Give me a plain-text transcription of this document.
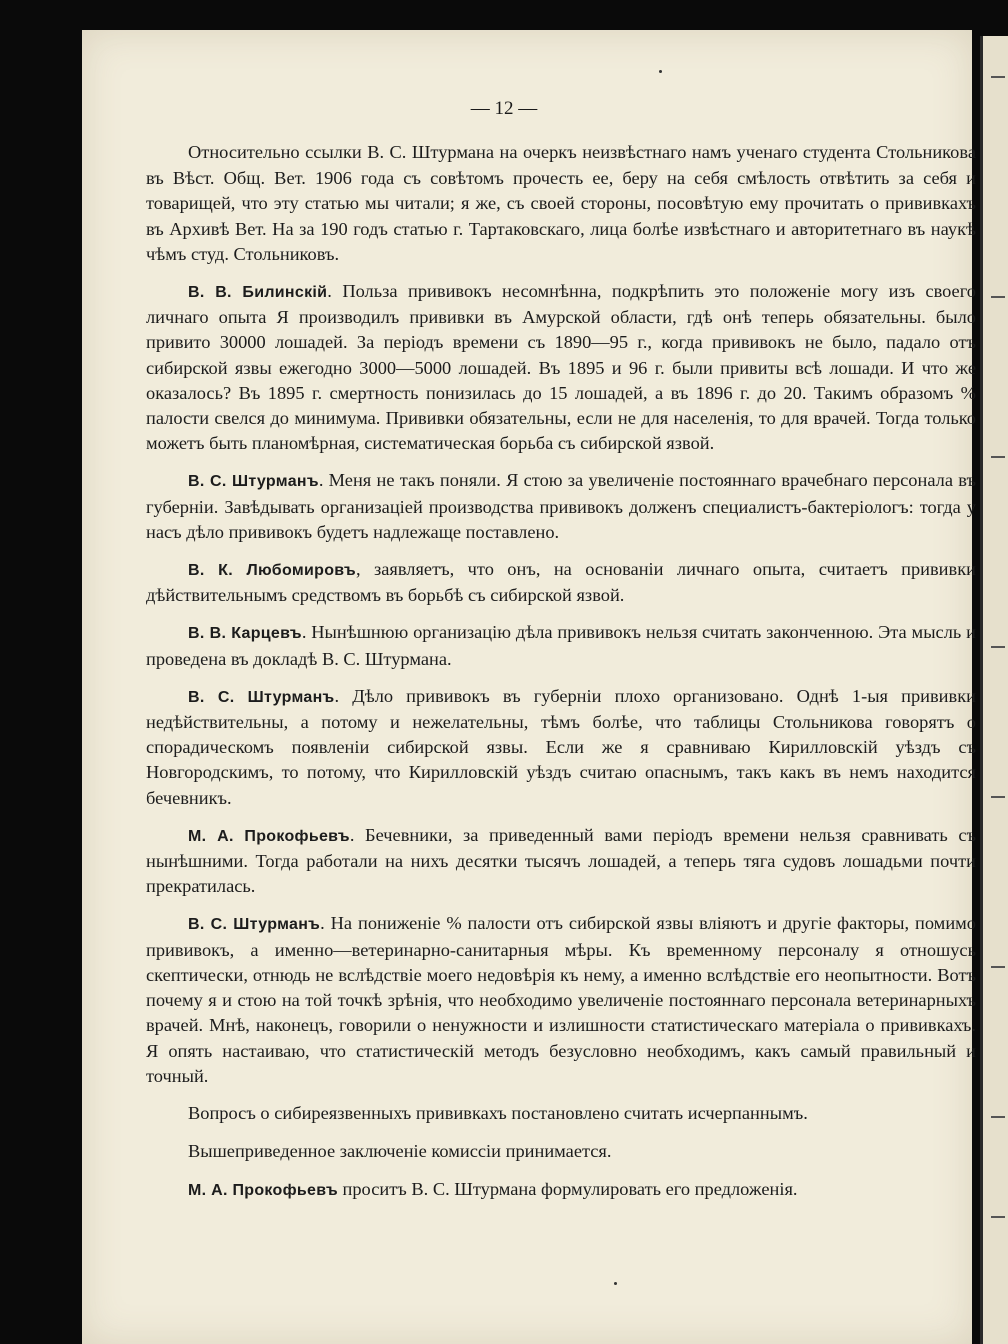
— 12 —

Относительно ссылки В. С. Штурмана на очеркъ неизвѣстнаго намъ ученаго студента Стольникова въ Вѣст. Общ. Вет. 1906 года съ совѣтомъ прочесть ее, беру на себя смѣлость отвѣтить за себя и товарищей, что эту статью мы читали; я же, съ своей стороны, посовѣтую ему прочитать о прививкахъ въ Архивѣ Вет. На за 190 годъ статью г. Тартаковскаго, лица болѣе извѣстнаго и авторитетнаго въ наукѣ чѣмъ студ. Стольниковъ.

В. В. Билинскій. Польза прививокъ несомнѣнна, подкрѣпить это положеніе могу изъ своего личнаго опыта Я производилъ прививки въ Амурской области, гдѣ онѣ теперь обязательны. было привито 30000 лошадей. За періодъ времени съ 1890—95 г., когда прививокъ не было, падало отъ сибирской язвы ежегодно 3000—5000 лошадей. Въ 1895 и 96 г. были привиты всѣ лошади. И что же оказалось? Въ 1895 г. смертность понизилась до 15 лошадей, а въ 1896 г. до 20. Такимъ образомъ % палости свелся до минимума. Прививки обязательны, если не для населенія, то для врачей. Тогда только можетъ быть планомѣрная, систематическая борьба съ сибирской язвой.

В. С. Штурманъ. Меня не такъ поняли. Я стою за увеличеніе постояннаго врачебнаго персонала въ губерніи. Завѣдывать организаціей производства прививокъ долженъ специалистъ-бактеріологъ: тогда у насъ дѣло прививокъ будетъ надлежаще поставлено.

В. К. Любомировъ, заявляетъ, что онъ, на основаніи личнаго опыта, считаетъ прививки дѣйствительнымъ средствомъ въ борьбѣ съ сибирской язвой.

В. В. Карцевъ. Нынѣшнюю организацію дѣла прививокъ нельзя считать законченною. Эта мысль и проведена въ докладѣ В. С. Штурмана.

В. С. Штурманъ. Дѣло прививокъ въ губерніи плохо организовано. Однѣ 1-ыя прививки недѣйствительны, а потому и нежелательны, тѣмъ болѣе, что таблицы Стольникова говорятъ о спорадическомъ появленіи сибирской язвы. Если же я сравниваю Кирилловскій уѣздъ съ Новгородскимъ, то потому, что Кирилловскій уѣздъ считаю опаснымъ, такъ какъ въ немъ находится бечевникъ.

М. А. Прокофьевъ. Бечевники, за приведенный вами періодъ времени нельзя сравнивать съ нынѣшними. Тогда работали на нихъ десятки тысячъ лошадей, а теперь тяга судовъ лошадьми почти прекратилась.

В. С. Штурманъ. На пониженіе % палости отъ сибирской язвы вліяютъ и другіе факторы, помимо прививокъ, а именно—ветеринарно-санитарныя мѣры. Къ временному персоналу я отношусь скептически, отнюдь не вслѣдствіе моего недовѣрія къ нему, а именно вслѣдствіе его неопытности. Вотъ почему я и стою на той точкѣ зрѣнія, что необходимо увеличеніе постояннаго персонала ветеринарныхъ врачей. Мнѣ, наконецъ, говорили о ненужности и излишности статистическаго матеріала о прививкахъ. Я опять настаиваю, что статистическій методъ безусловно необходимъ, какъ самый правильный и точный.

Вопросъ о сибиреязвенныхъ прививкахъ постановлено считать исчерпаннымъ.

Вышеприведенное заключеніе комиссіи принимается.

М. А. Прокофьевъ проситъ В. С. Штурмана формулировать его предложенія.
